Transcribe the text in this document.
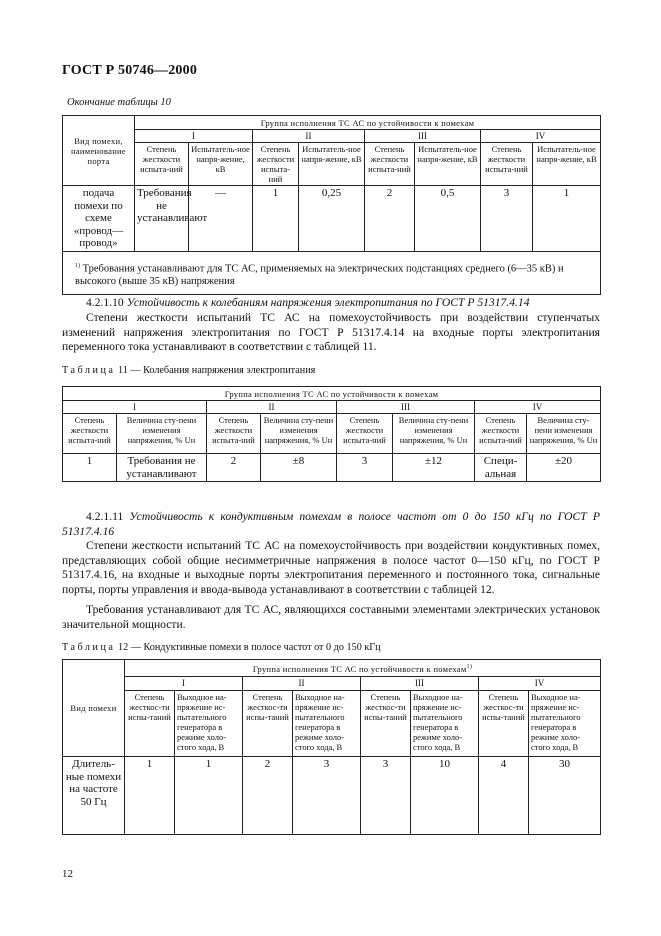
ГОСТ Р 50746—2000
Окончание таблицы 10
Вид помехи, наименование порта	Группа исполнения ТС АС по устойчивости к помехам							
	I		II		III		IV	
	Степень жесткости испыта-ний	Испытатель-ное напря-жение, кВ	Степень жесткости испыта-ний	Испытатель-ное напря-жение, кВ	Степень жесткости испыта-ний	Испытатель-ное напря-жение, кВ	Степень жесткости испыта-ний	Испытатель-ное напря-жение, кВ
подача помехи по схеме «провод—провод»	Требования не устанавливают	—	1	0,25	2	0,5	3	1
$^{1)}$ Требования устанавливают для ТС АС, применяемых на электрических подстанциях среднего (6—35 кВ) и высокого (выше 35 кВ) напряжения								
4.2.1.10 Устойчивость к колебаниям напряжения электропитания по ГОСТ Р 51317.4.14
Степени жесткости испытаний ТС АС на помехоустойчивость при воздействии ступенчатых изменений напряжения электропитания по ГОСТ Р 51317.4.14 на входные порты электропитания переменного тока устанавливают в соответствии с таблицей 11.
Таблица 11 — Колебания напряжения электропитания
Группа исполнения ТС АС по устойчивости к помехам							
I		II		III		IV	
Степень жесткости испыта-ний	Величина сту-пени изменения напряжения, % Uн	Степень жесткости испыта-ний	Величина сту-пени изменения напряжения, % Uн	Степень жесткости испыта-ний	Величина сту-пени изменения напряжения, % Uн	Степень жесткости испыта-ний	Величина сту-пени изменения напряжения, % Uн
1	Требования не устанавливают	2	±8	3	±12	Специ-альная	±20
4.2.1.11 Устойчивость к кондуктивным помехам в полосе частот от 0 до 150 кГц по ГОСТ Р 51317.4.16
Степени жесткости испытаний ТС АС на помехоустойчивость при воздействии кондуктивных помех, представляющих собой общие несимметричные напряжения в полосе частот 0—150 кГц, по ГОСТ Р 51317.4.16, на входные и выходные порты электропитания переменного и постоянного тока, сигнальные порты, порты управления и ввода-вывода устанавливают в соответствии с таблицей 12.
Требования устанавливают для ТС АС, являющихся составными элементами электрических установок значительной мощности.
Таблица 12 — Кондуктивные помехи в полосе частот от 0 до 150 кГц
Вид помехи	Группа исполнения ТС АС по устойчивости к помехам$^{1)}$
	I		II		III		IV	
	Степень жесткос-ти испы-таний	Выходное на-пряжение ис-пытательного генератора в режиме холо-стого хода, В	Степень жесткос-ти испы-таний	Выходное на-пряжение ис-пытательного генератора в режиме холо-стого хода, В	Степень жесткос-ти испы-таний	Выходное на-пряжение ис-пытательного генератора в режиме холо-стого хода, В	Степень жесткос-ти испы-таний	Выходное на-пряжение ис-пытательного генератора в режиме холо-стого хода, В
Длитель-ные помехи на частоте 50 Гц	1	1	2	3	3	10	4	30
12
